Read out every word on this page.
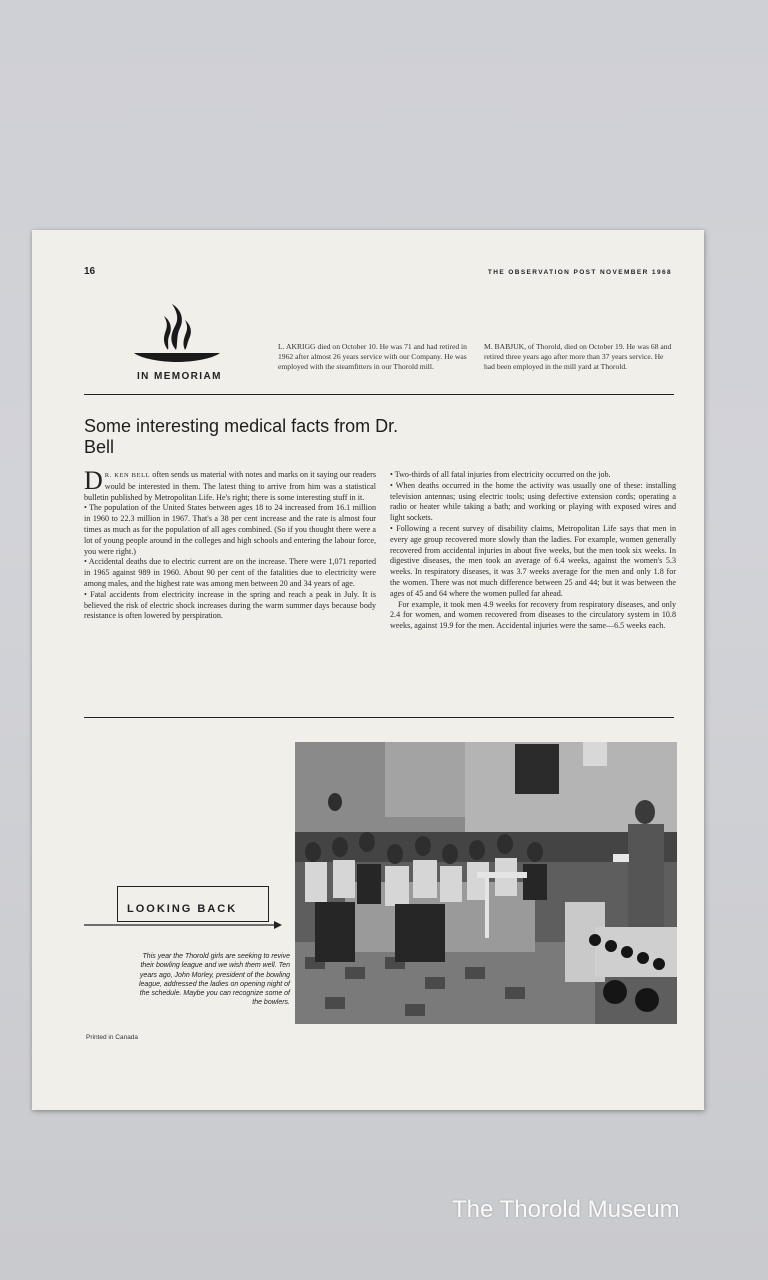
16	THE OBSERVATION POST NOVEMBER 1968
IN MEMORIAM
L. AKRIGG died on October 10. He was 71 and had retired in 1962 after almost 26 years service with our Company. He was employed with the steamfitters in our Thorold mill.
M. BABJUK, of Thorold, died on October 19. He was 68 and retired three years ago after more than 37 years service. He had been employed in the mill yard at Thorold.
Some interesting medical facts from Dr. Bell

D R. KEN BELL often sends us material with notes and marks on it saying our readers would be interested in them. The latest thing to arrive from him was a statistical bulletin published by Metropolitan Life. He's right; there is some interesting stuff in it.

• The population of the United States between ages 18 to 24 increased from 16.1 million in 1960 to 22.3 million in 1967. That's a 38 per cent increase and the rate is almost four times as much as for the population of all ages combined. (So if you thought there were a lot of young people around in the colleges and high schools and entering the labour force, you were right.)

• Accidental deaths due to electric current are on the increase. There were 1,071 reported in 1965 against 989 in 1960. About 90 per cent of the fatalities due to electricity were among males, and the highest rate was among men between 20 and 34 years of age.

• Fatal accidents from electricity increase in the spring and reach a peak in July. It is believed the risk of electric shock increases during the warm summer days because body resistance is often lowered by perspiration.

• Two-thirds of all fatal injuries from electricity occurred on the job.

• When deaths occurred in the home the activity was usually one of these: installing television antennas; using electric tools; using defective extension cords; operating a radio or heater while taking a bath; and working or playing with exposed wires and light sockets.

• Following a recent survey of disability claims, Metropolitan Life says that men in every age group recovered more slowly than the ladies. For example, women generally recovered from accidental injuries in about five weeks, but the men took six weeks. In digestive diseases, the men took an average of 6.4 weeks, against the women's 5.3 weeks. In respiratory diseases, it was 3.7 weeks average for the men and only 1.8 for the women. There was not much difference between 25 and 44; but it was between the ages of 45 and 64 where the women pulled far ahead.

For example, it took men 4.9 weeks for recovery from respiratory diseases, and only 2.4 for women, and women recovered from diseases to the circulatory system in 10.8 weeks, against 19.9 for the men. Accidental injuries were the same—6.5 weeks each.

LOOKING BACK
This year the Thorold girls are seeking to revive their bowling league and we wish them well. Ten years ago, John Morley, president of the bowling league, addressed the ladies on opening night of the schedule. Maybe you can recognize some of the bowlers.
Printed in Canada
The Thorold Museum
